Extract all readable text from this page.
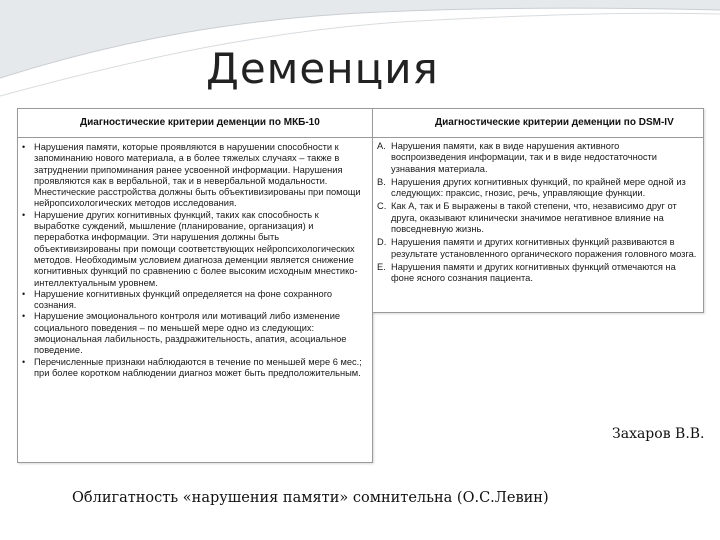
Деменция
Диагностические критерии деменции по МКБ-10
• Нарушения памяти, которые проявляются в нарушении способности к запоминанию нового материала, а в более тяжелых случаях – также в затруднении припоминания ранее усвоенной информации. Нарушения проявляются как в вербальной, так и в невербальной модальности. Мнестические расстройства должны быть объективизированы при помощи нейропсихологических методов исследования.
• Нарушение других когнитивных функций, таких как способность к выработке суждений, мышление (планирование, организация) и переработка информации. Эти нарушения должны быть объективизированы при помощи соответствующих нейропсихологических методов. Необходимым условием диагноза деменции является снижение когнитивных функций по сравнению с более высоким исходным мнестико-интеллектуальным уровнем.
• Нарушение когнитивных функций определяется на фоне сохранного сознания.
• Нарушение эмоционального контроля или мотиваций либо изменение социального поведения – по меньшей мере одно из следующих: эмоциональная лабильность, раздражительность, апатия, асоциальное поведение.
• Перечисленные признаки наблюдаются в течение по меньшей мере 6 мес.; при более коротком наблюдении диагноз может быть предположительным.
Диагностические критерии деменции по DSM-IV
A. Нарушения памяти, как в виде нарушения активного воспроизведения информации, так и в виде недостаточности узнавания материала.
B. Нарушения других когнитивных функций, по крайней мере одной из следующих: праксис, гнозис, речь, управляющие функции.
C. Как А, так и Б выражены в такой степени, что, независимо друг от друга, оказывают клинически значимое негативное влияние на повседневную жизнь.
D. Нарушения памяти и других когнитивных функций развиваются в результате установленного органического поражения головного мозга.
E. Нарушения памяти и других когнитивных функций отмечаются на фоне ясного сознания пациента.
Захаров В.В.
Облигатность «нарушения памяти» сомнительна (О.С.Левин)
